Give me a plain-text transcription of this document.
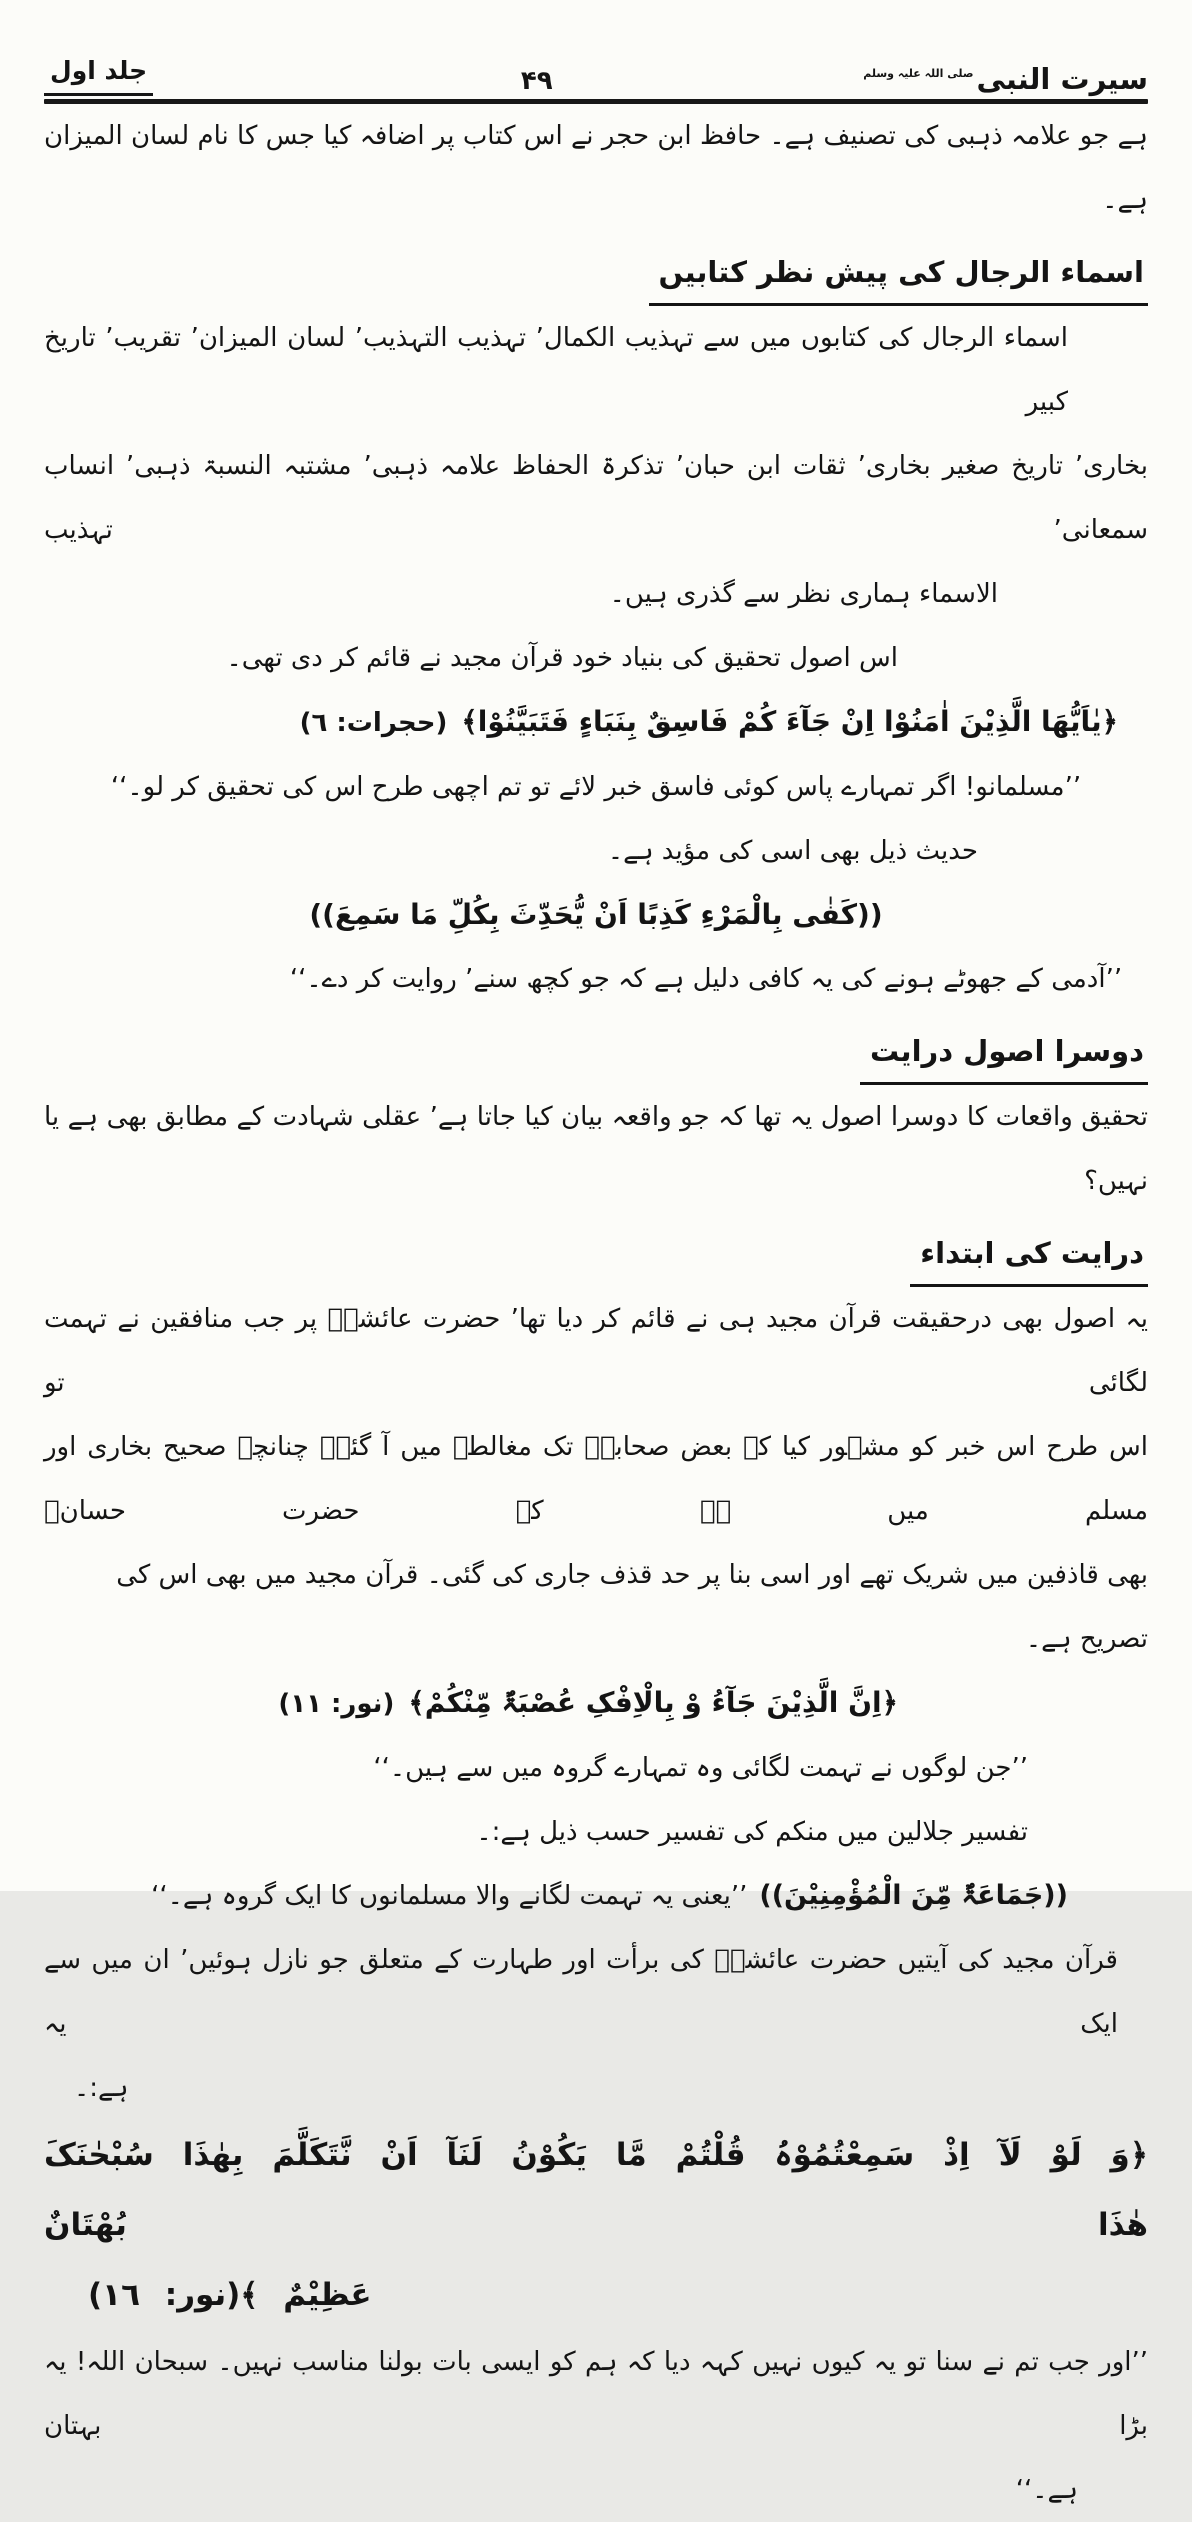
سیرت النبیصلی اللہ علیہ وسلم
۴۹
جلد اول
ہے جو علامہ ذہبی کی تصنیف ہے۔ حافظ ابن حجر نے اس کتاب پر اضافہ کیا جس کا نام لسان المیزان ہے۔
اسماء الرجال کی پیش نظر کتابیں
اسماء الرجال کی کتابوں میں سے تہذیب الکمال’ تہذیب التہذیب’ لسان المیزان’ تقریب’ تاریخ کبیر
بخاری’ تاریخ صغیر بخاری’ ثقات ابن حبان’ تذکرۃ الحفاظ علامہ ذہبی’ مشتبہ النسبۃ ذہبی’ انساب سمعانی’ تہذیب
الاسماء ہماری نظر سے گذری ہیں۔
اس اصول تحقیق کی بنیاد خود قرآن مجید نے قائم کر دی تھی۔
﴿یٰاَیُّھَا الَّذِیْنَ اٰمَنُوْا اِنْ جَآءَ کُمْ فَاسِقٌ بِنَبَاءٍ فَتَبَیَّنُوْا﴾(حجرات: ٦)
’’مسلمانو! اگر تمہارے پاس کوئی فاسق خبر لائے تو تم اچھی طرح اس کی تحقیق کر لو۔‘‘
حدیث ذیل بھی اسی کی مؤید ہے۔
((کَفٰی بِالْمَرْءِ کَذِبًا اَنْ یُّحَدِّثَ بِکُلِّ مَا سَمِعَ))
’’آدمی کے جھوٹے ہونے کی یہ کافی دلیل ہے کہ جو کچھ سنے’ روایت کر دے۔‘‘
دوسرا اصول درایت
تحقیق واقعات کا دوسرا اصول یہ تھا کہ جو واقعہ بیان کیا جاتا ہے’ عقلی شہادت کے مطابق بھی ہے یا نہیں؟
درایت کی ابتداء
یہ اصول بھی درحقیقت قرآن مجید ہی نے قائم کر دیا تھا’ حضرت عائشہؓ پر جب منافقین نے تہمت لگائی تو
اس طرح اس خبر کو مشہور کیا کہ بعض صحابہؓ تک مغالطہ میں آ گئے۔ چنانچہ صحیح بخاری اور مسلم میں ہے کہ حضرت حسانؓ
بھی قاذفین میں شریک تھے اور اسی بنا پر حد قذف جاری کی گئی۔ قرآن مجید میں بھی اس کی تصریح ہے۔
﴿اِنَّ الَّذِیْنَ جَآءُ وْ بِالْاِفْکِ عُصْبَۃٌ مِّنْکُمْ﴾(نور: ١١)
’’جن لوگوں نے تہمت لگائی وہ تمہارے گروہ میں سے ہیں۔‘‘
تفسیر جلالین میں منکم کی تفسیر حسب ذیل ہے:۔
((جَمَاعَۃٌ مِّنَ الْمُؤْمِنِیْنَ))’’یعنی یہ تہمت لگانے والا مسلمانوں کا ایک گروہ ہے۔‘‘
قرآن مجید کی آیتیں حضرت عائشہؓ کی برأت اور طہارت کے متعلق جو نازل ہوئیں’ ان میں سے ایک یہ
ہے:۔
﴿وَ لَوْ لَآ اِذْ سَمِعْتُمُوْہُ قُلْتُمْ مَّا یَکُوْنُ لَنَآ اَنْ نَّتَکَلَّمَ بِھٰذَا سُبْحٰنَکَ ھٰذَا بُھْتَانٌ
عَظِیْمٌ ﴾(نور: ١٦)
’’اور جب تم نے سنا تو یہ کیوں نہیں کہہ دیا کہ ہم کو ایسی بات بولنا مناسب نہیں۔ سبحان اللہ! یہ بڑا بہتان
ہے۔‘‘
